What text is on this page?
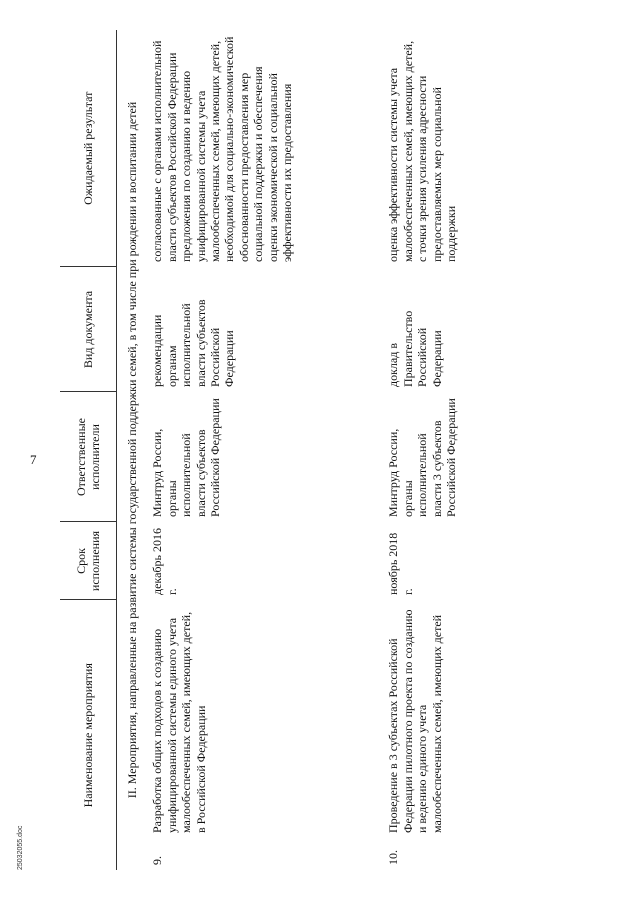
7
25032055.doc
Наименование мероприятия	Срок исполнения	Ответственные исполнители	Вид документа	Ожидаемый результат
II. Мероприятия, направленные на развитие системы государственной поддержки семей, в том числе при рождении и воспитании детей				

9.
Разработка общих подходов к созданию унифицированной системы единого учета малообеспеченных семей, имеющих детей, в Российской Федерации	декабрь 2016 г.	Минтруд России, органы исполнительной власти субъектов Российской Федерации	рекомендации органам исполнительной власти субъектов Российской Федерации	согласованные с органами исполнительной власти субъектов Российской Федерации предложения по созданию и ведению унифицированной системы учета малообеспеченных семей, имеющих детей, необходимой для социально-экономической обоснованности предоставления мер социальной поддержки и обеспечения оценки экономической и социальной эффективности их предоставления

10.
Проведение в 3 субъектах Российской Федерации пилотного проекта по созданию и ведению единого учета малообеспеченных семей, имеющих детей	ноябрь 2018 г.	Минтруд России, органы исполнительной власти 3 субъектов Российской Федерации	доклад в Правительство Российской Федерации	оценка эффективности системы учета малообеспеченных семей, имеющих детей, с точки зрения усиления адресности предоставляемых мер социальной поддержки
